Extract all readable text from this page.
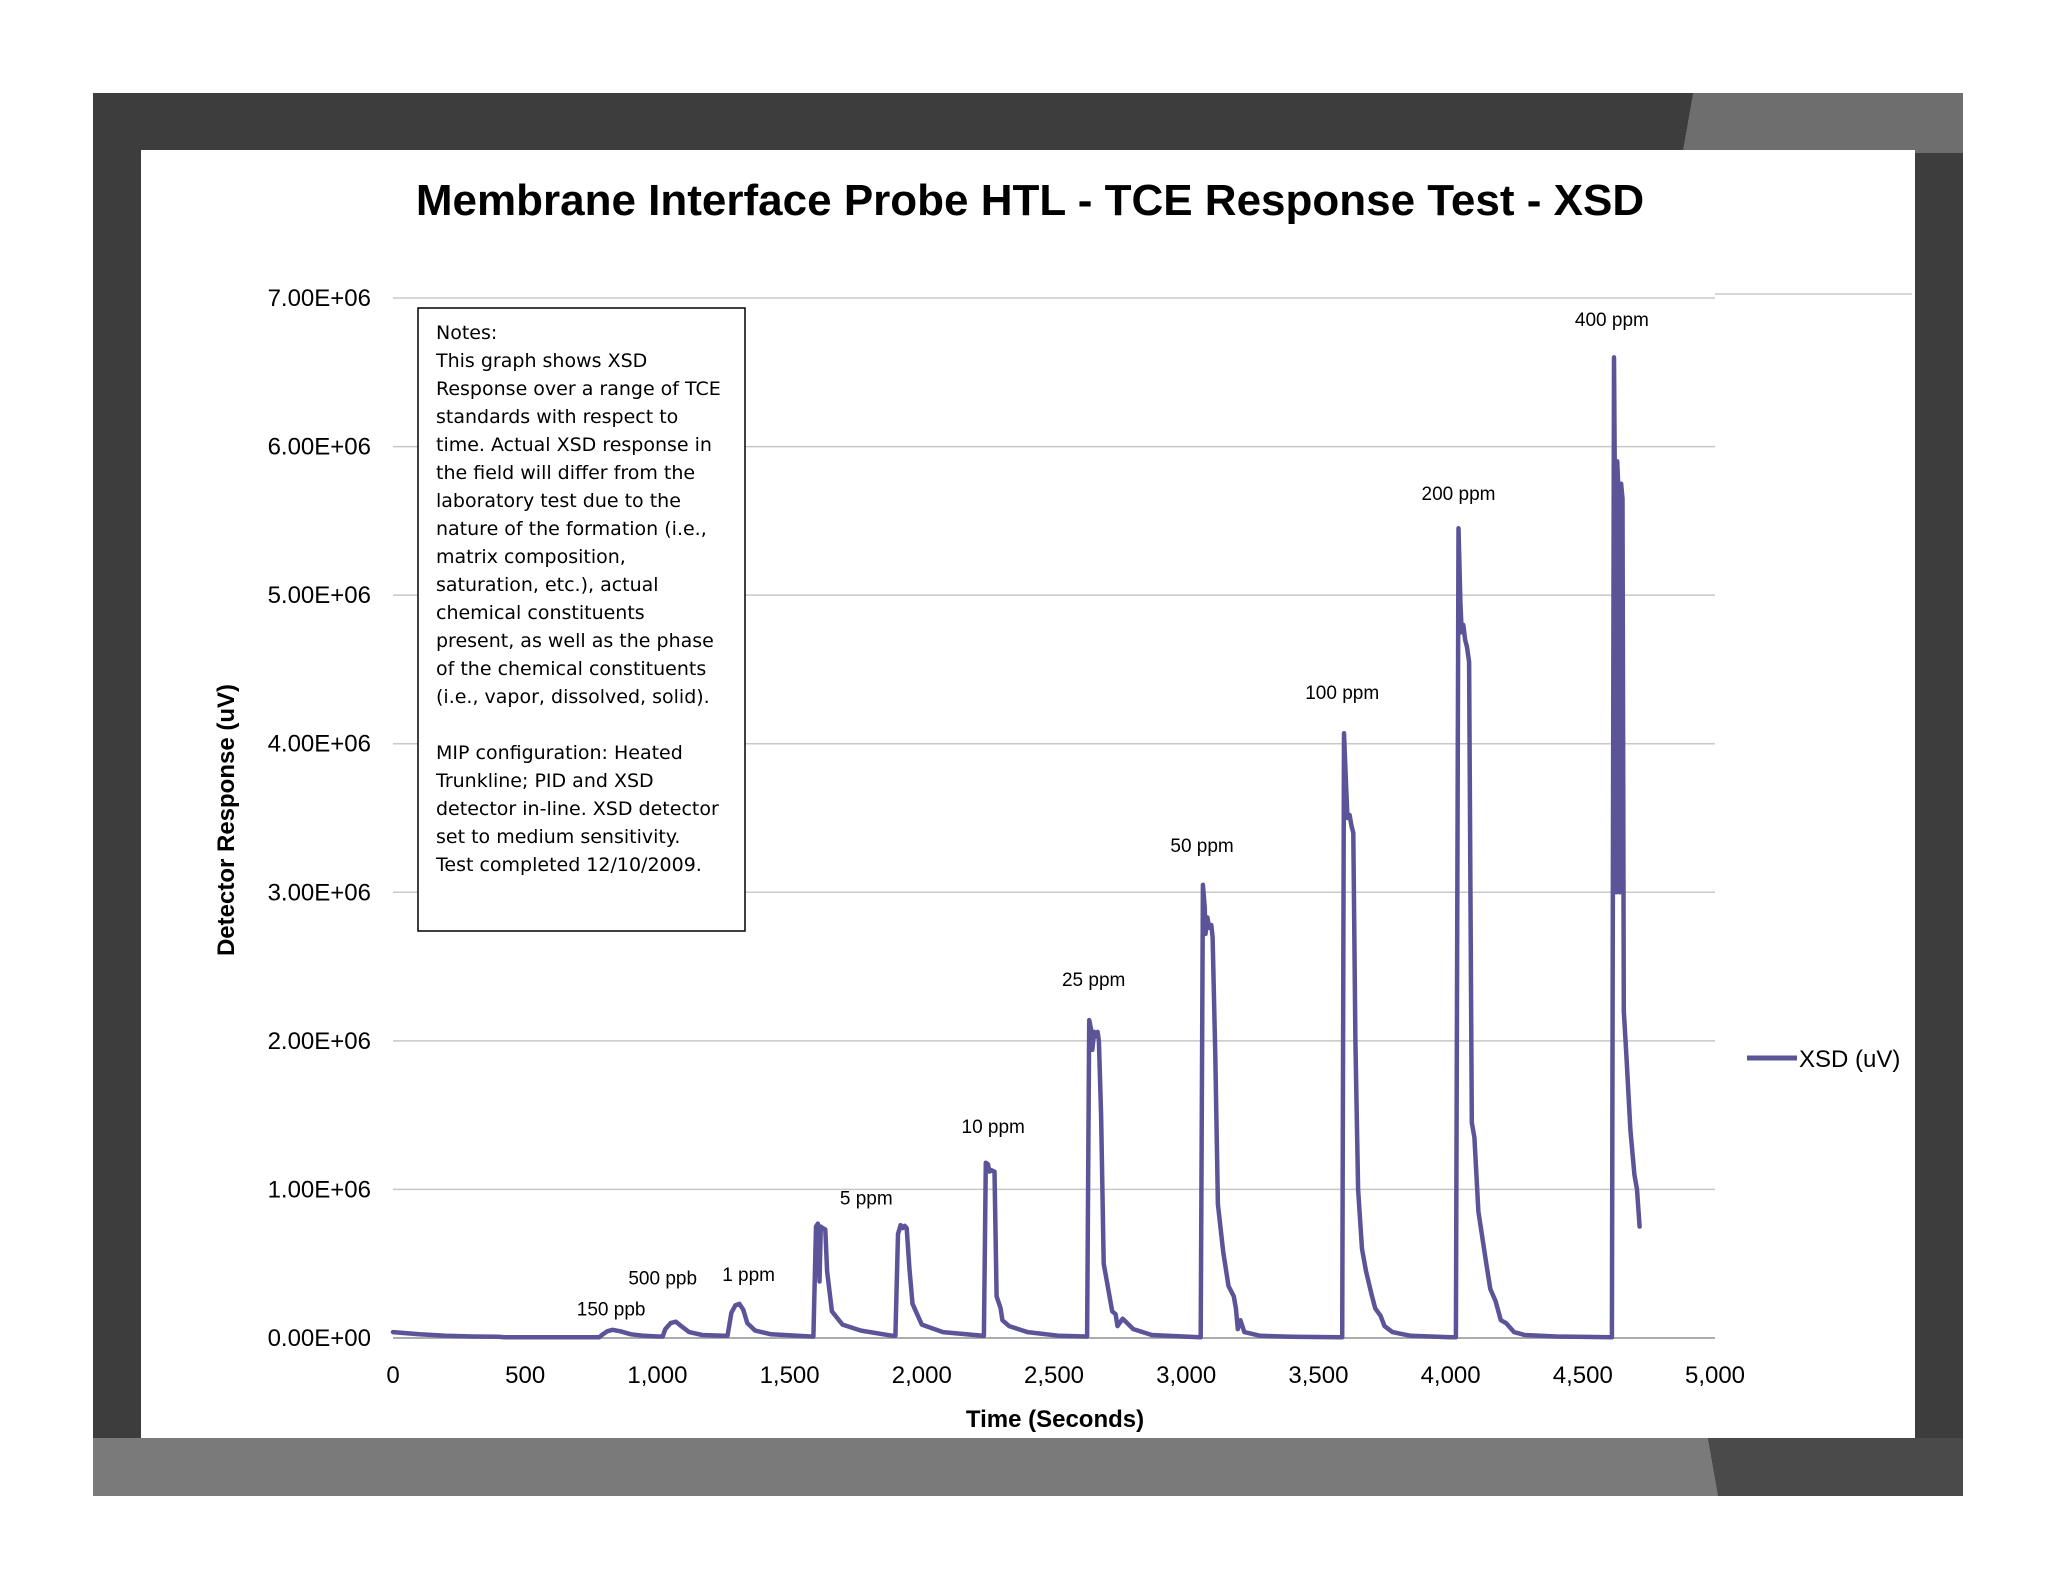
Membrane Interface Probe HTL - TCE Response Test - XSD
0.00E+00
1.00E+06
2.00E+06
3.00E+06
4.00E+06
5.00E+06
6.00E+06
7.00E+06
0	500	1,000	1,500	2,000	2,500	3,000	3,500	4,000	4,500	5,000
Time (Seconds)
Detector Response (uV)
Notes:
This graph shows XSD
Response over a range of TCE
standards with respect to
time. Actual XSD response in
the field will differ from the
laboratory test due to the
nature of the formation (i.e.,
matrix composition,
saturation, etc.), actual
chemical constituents
present, as well as the phase
of the chemical constituents
(i.e., vapor, dissolved, solid).
MIP configuration: Heated
Trunkline; PID and XSD
detector in-line. XSD detector
set to medium sensitivity.
Test completed 12/10/2009.
150 ppb
500 ppb 1 ppm
5 ppm
10 ppm
25 ppm
50 ppm
100 ppm
200 ppm
400 ppm
XSD (uV)
